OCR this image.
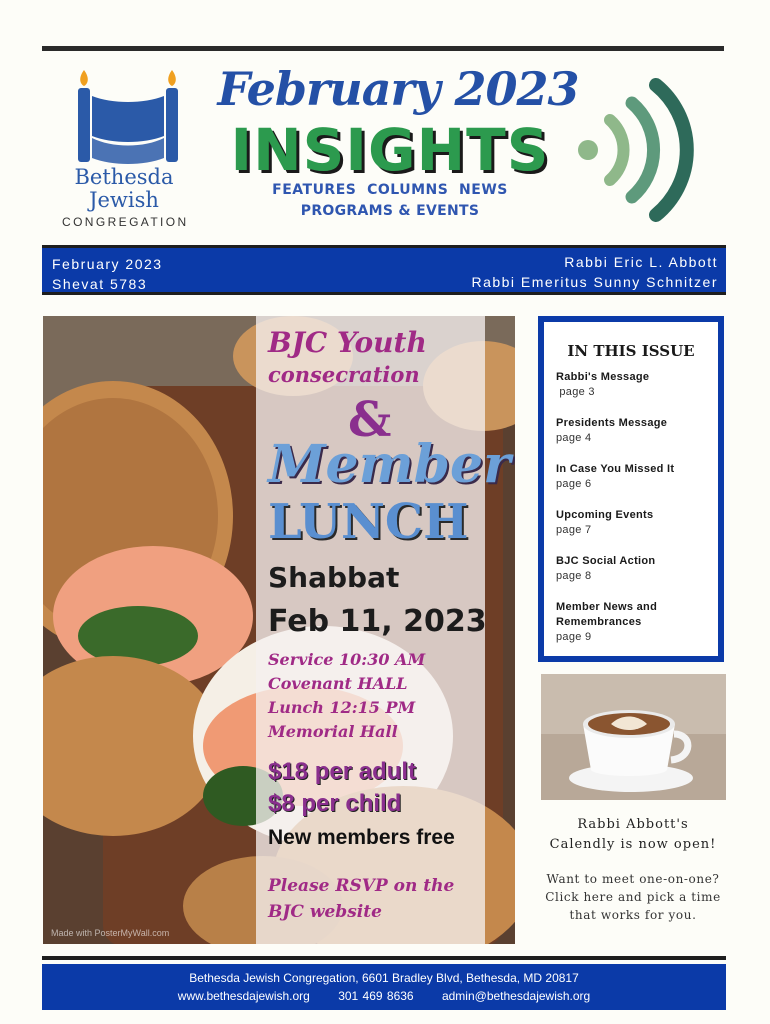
Bethesda
Jewish
CONGREGATION
February 2023
INSIGHTS
FEATURES  COLUMNS  NEWS
PROGRAMS & EVENTS
February 2023
Shevat 5783
Rabbi Eric L. Abbott
Rabbi Emeritus Sunny Schnitzer

BJC Youth

consecration

&

Member

LUNCH

Shabbat

Feb 11, 2023

Service 10:30 AM

Covenant HALL

Lunch 12:15 PM

Memorial Hall

$18 per adult

$8 per child

New members free

Please RSVP on the

BJC website

Made with PosterMyWall.com
IN THIS ISSUE
Rabbi's Message
page 3
Presidents Message
page 4
In Case You Missed It
page 6
Upcoming Events
page 7
BJC Social Action
page 8
Member News and Remembrances
page 9
Rabbi Abbott's
Calendly is now open!
Want to meet one-on-one?
Click here and pick a time
that works for you.
Bethesda Jewish Congregation, 6601 Bradley Blvd, Bethesda, MD 20817
www.bethesdajewish.org 301 469 8636 admin@bethesdajewish.org
